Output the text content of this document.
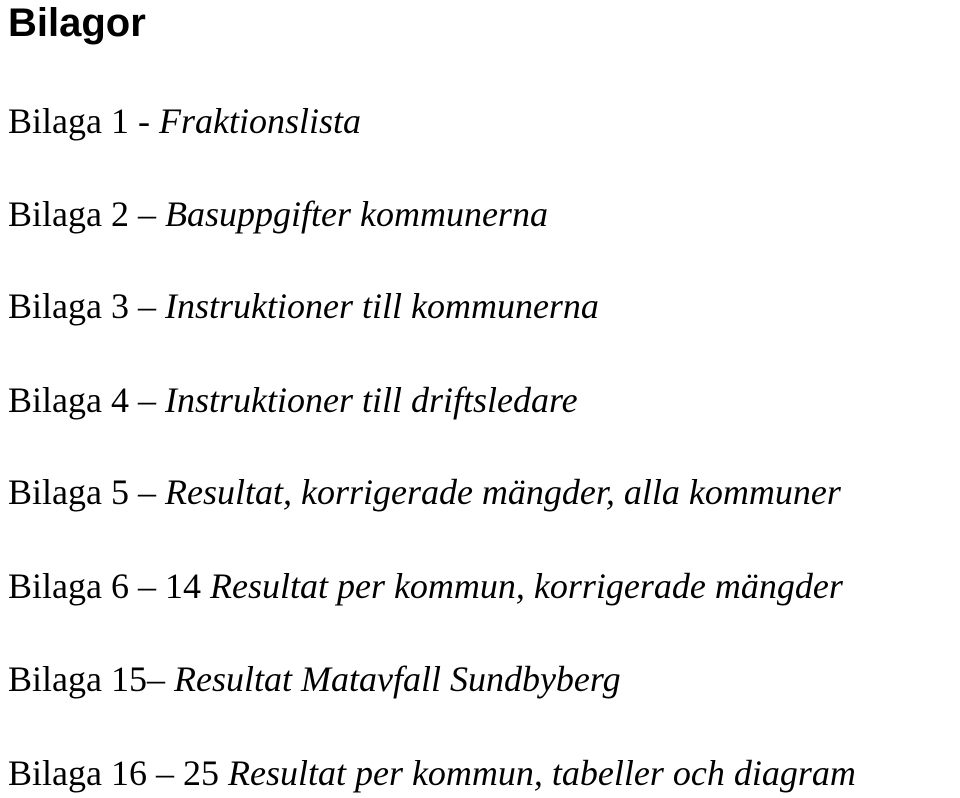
Bilagor

Bilaga 1 - Fraktionslista

Bilaga 2 – Basuppgifter kommunerna

Bilaga 3 – Instruktioner till kommunerna

Bilaga 4 – Instruktioner till driftsledare

Bilaga 5 – Resultat, korrigerade mängder, alla kommuner

Bilaga 6 – 14 Resultat per kommun, korrigerade mängder

Bilaga 15– Resultat Matavfall Sundbyberg

Bilaga 16 – 25 Resultat per kommun, tabeller och diagram
